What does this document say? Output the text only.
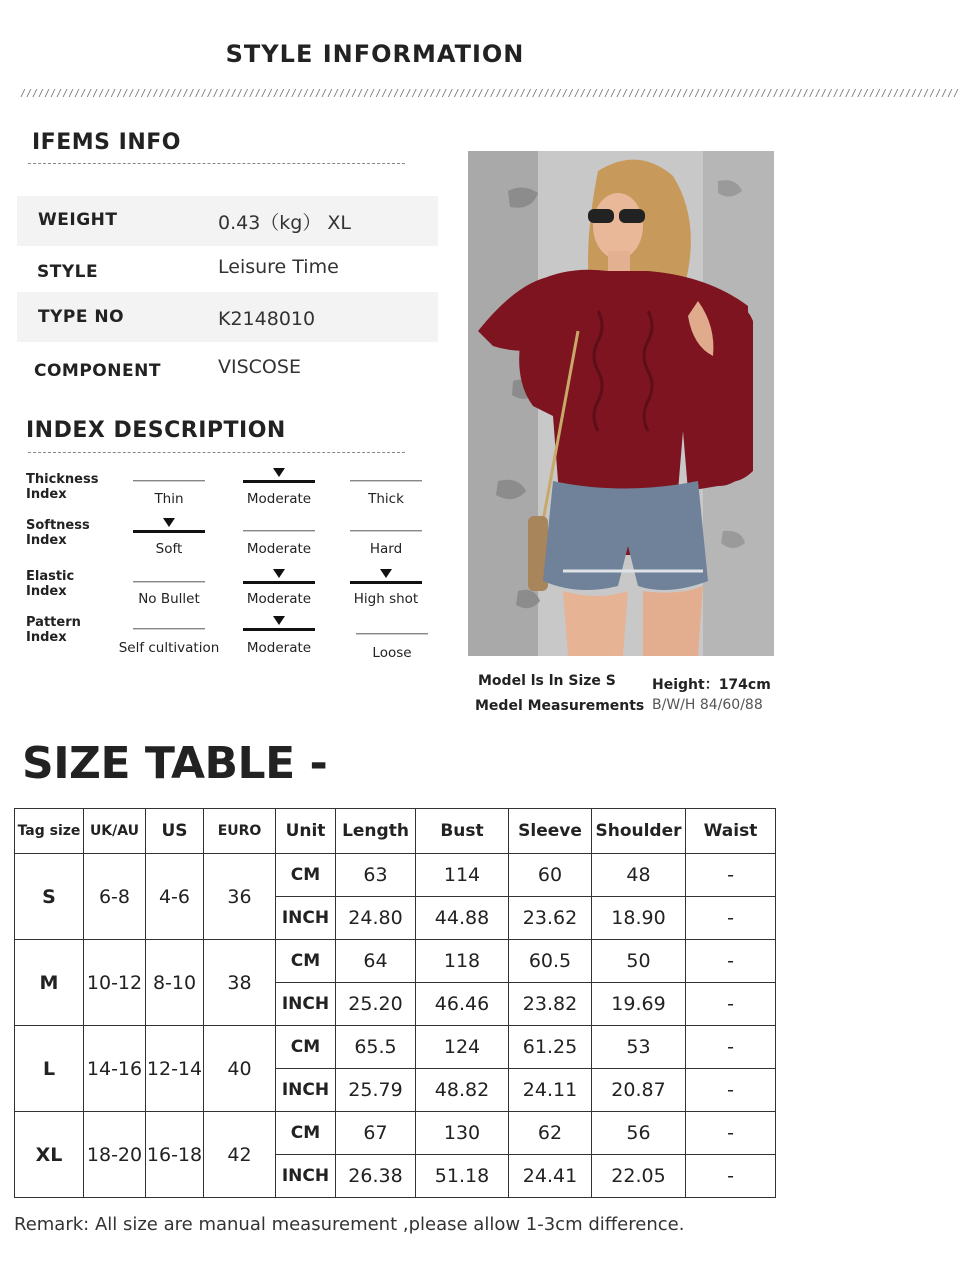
STYLE INFORMATION
////////////////////////////////////////////////////////////////////////////////////////////////////////////////////////////////////////////////////////////
IFEMS INFO
WEIGHT	0.43（kg） XL
STYLE	Leisure Time
TYPE NO	K2148010
COMPONENT	VISCOSE
INDEX DESCRIPTION
Thickness
Index	Thin	Moderate	Thick
Softness
Index
Soft	Moderate	Hard
Elastic
Index	No Bullet	Moderate	High shot
Pattern
Index
Self cultivation	Moderate	Loose
Model ls ln Size S
Medel Measurements
Height：174cm
B/W/H 84/60/88
SIZE TABLE -
Tag size	UK/AU	US	EURO	Unit	Length	Bust	Sleeve	Shoulder	Waist
S	6-8	4-6	36	CM	63	114	60	48	-
				INCH	24.80	44.88	23.62	18.90	-
M	10-12	8-10	38	CM	64	118	60.5	50	-
				INCH	25.20	46.46	23.82	19.69	-
L	14-16	12-14	40	CM	65.5	124	61.25	53	-
				INCH	25.79	48.82	24.11	20.87	-
XL	18-20	16-18	42	CM	67	130	62	56	-
				INCH	26.38	51.18	24.41	22.05	-
Remark: All size are manual measurement ,please allow 1-3cm difference.
